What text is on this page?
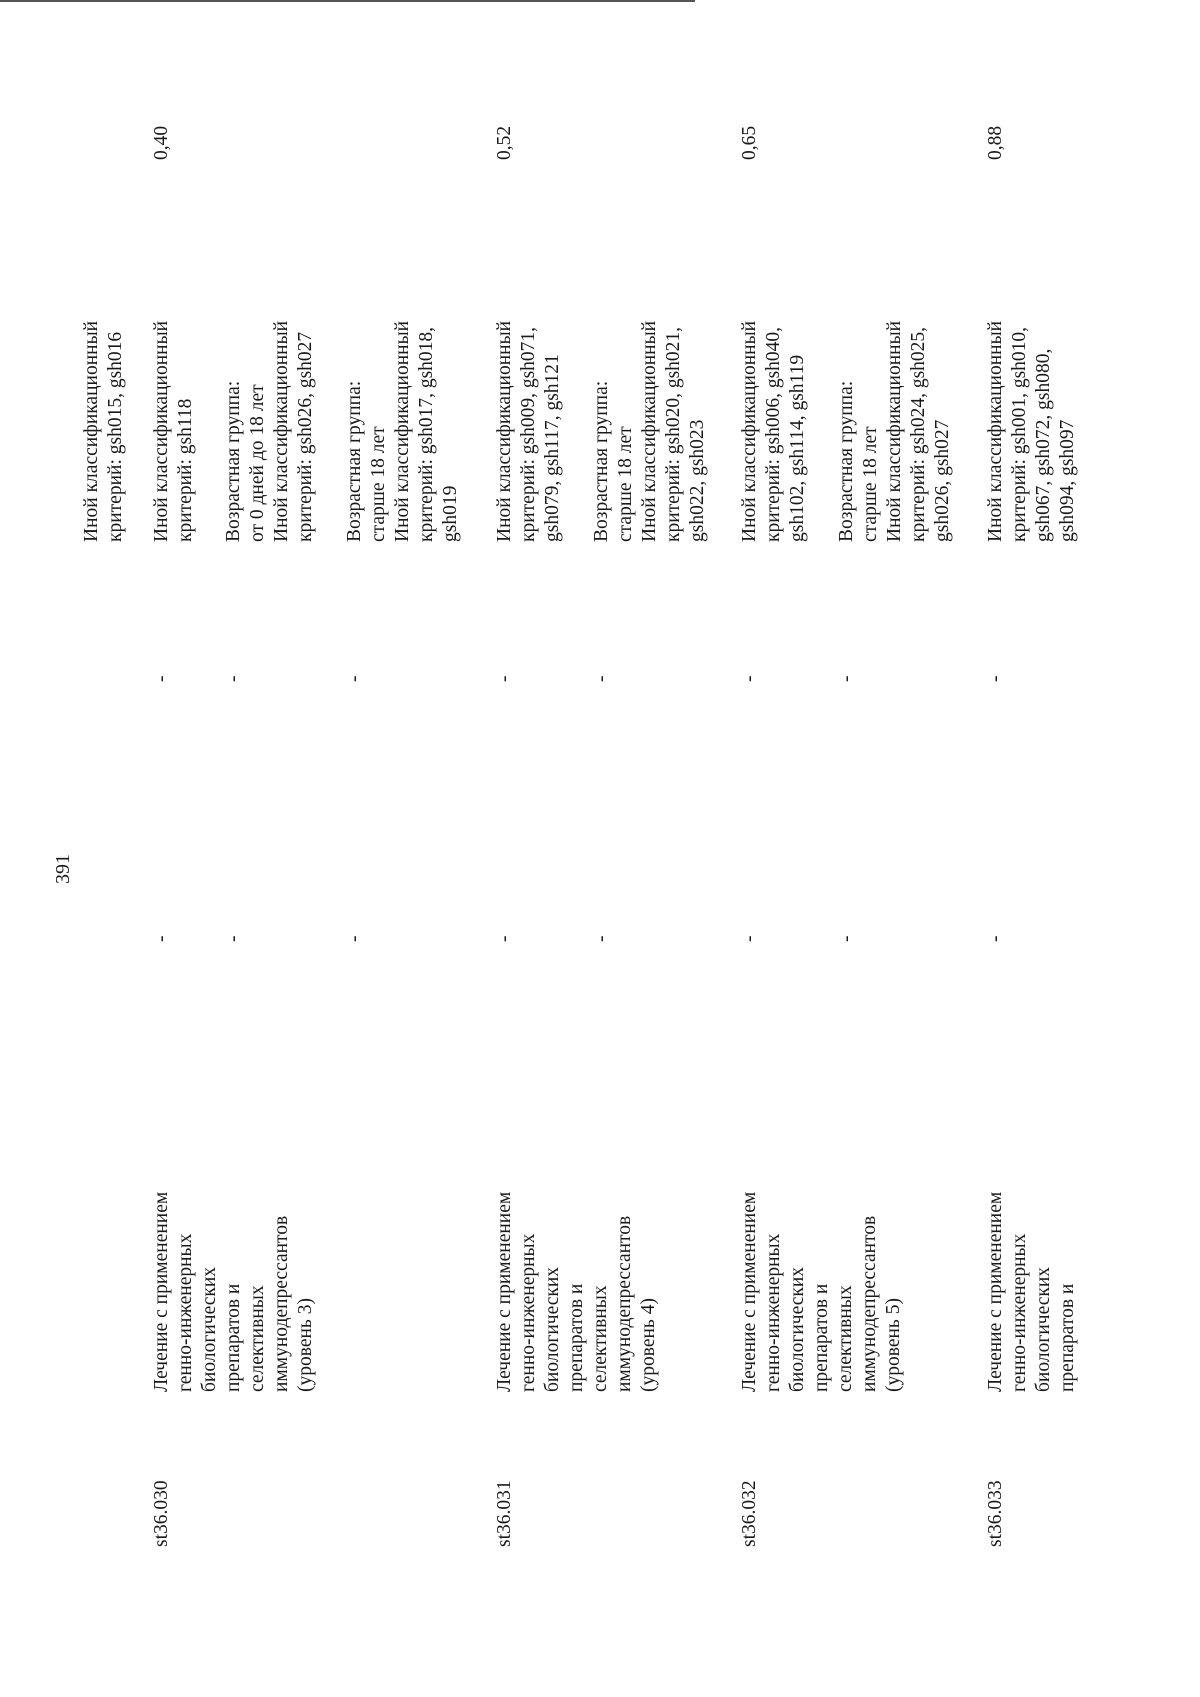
391
st36.030
Лечение с применением генно-инженерных биологических препаратов и селективных иммунодепрессантов (уровень 3)
0,40
Иной классификационный критерий: gsh015, gsh016
-
-
Иной классификационный критерий: gsh118
-
-
Возрастная группа: от 0 дней до 18 лет Иной классификационный критерий: gsh026, gsh027
-
-
Возрастная группа: старше 18 лет Иной классификационный критерий: gsh017, gsh018, gsh019
st36.031
Лечение с применением генно-инженерных биологических препаратов и селективных иммунодепрессантов (уровень 4)
0,52
-
-
Иной классификационный критерий: gsh009, gsh071, gsh079, gsh117, gsh121
-
-
Возрастная группа: старше 18 лет Иной классификационный критерий: gsh020, gsh021, gsh022, gsh023
st36.032
Лечение с применением генно-инженерных биологических препаратов и селективных иммунодепрессантов (уровень 5)
0,65
-
-
Иной классификационный критерий: gsh006, gsh040, gsh102, gsh114, gsh119
-
-
Возрастная группа: старше 18 лет Иной классификационный критерий: gsh024, gsh025, gsh026, gsh027
st36.033
Лечение с применением генно-инженерных биологических препаратов и
0,88
-
-
Иной классификационный критерий: gsh001, gsh010, gsh067, gsh072, gsh080, gsh094, gsh097
